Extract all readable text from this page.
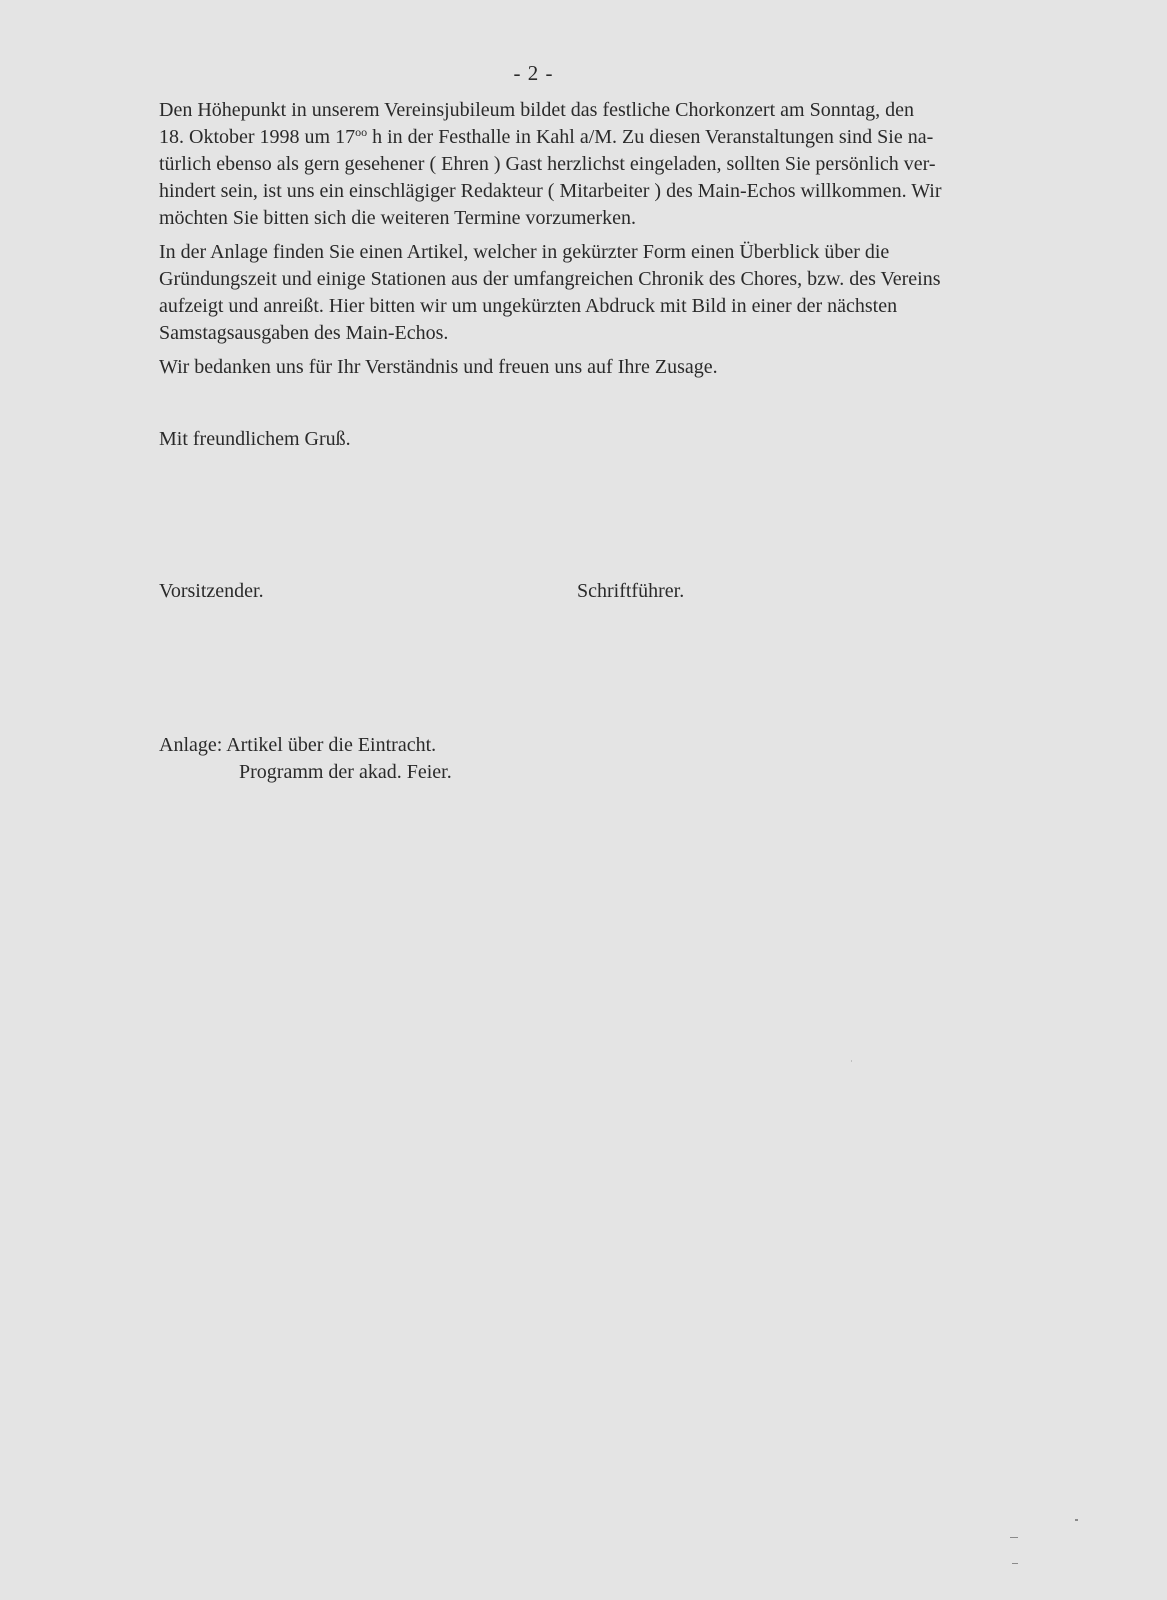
- 2 -

Den Höhepunkt in unserem Vereinsjubileum bildet das festliche Chorkonzert am Sonntag, den
18. Oktober 1998 um $17^{oo}$ h in der Festhalle in Kahl a/M. Zu diesen Veranstaltungen sind Sie na-
türlich ebenso als gern gesehener ( Ehren ) Gast herzlichst eingeladen, sollten Sie persönlich ver-
hindert sein, ist uns ein einschlägiger Redakteur ( Mitarbeiter ) des Main-Echos willkommen. Wir
möchten Sie bitten sich die weiteren Termine vorzumerken.

In der Anlage finden Sie einen Artikel, welcher in gekürzter Form einen Überblick über die
Gründungszeit und einige Stationen aus der umfangreichen Chronik des Chores, bzw. des Vereins
aufzeigt und anreißt. Hier bitten wir um ungekürzten Abdruck mit Bild in einer der nächsten
Samstagsausgaben des Main-Echos.

Wir bedanken uns für Ihr Verständnis und freuen uns auf Ihre Zusage.

Mit freundlichem Gruß.
Vorsitzender.	Schriftführer.
Anlage: Artikel über die Eintracht.
Programm der akad. Feier.
